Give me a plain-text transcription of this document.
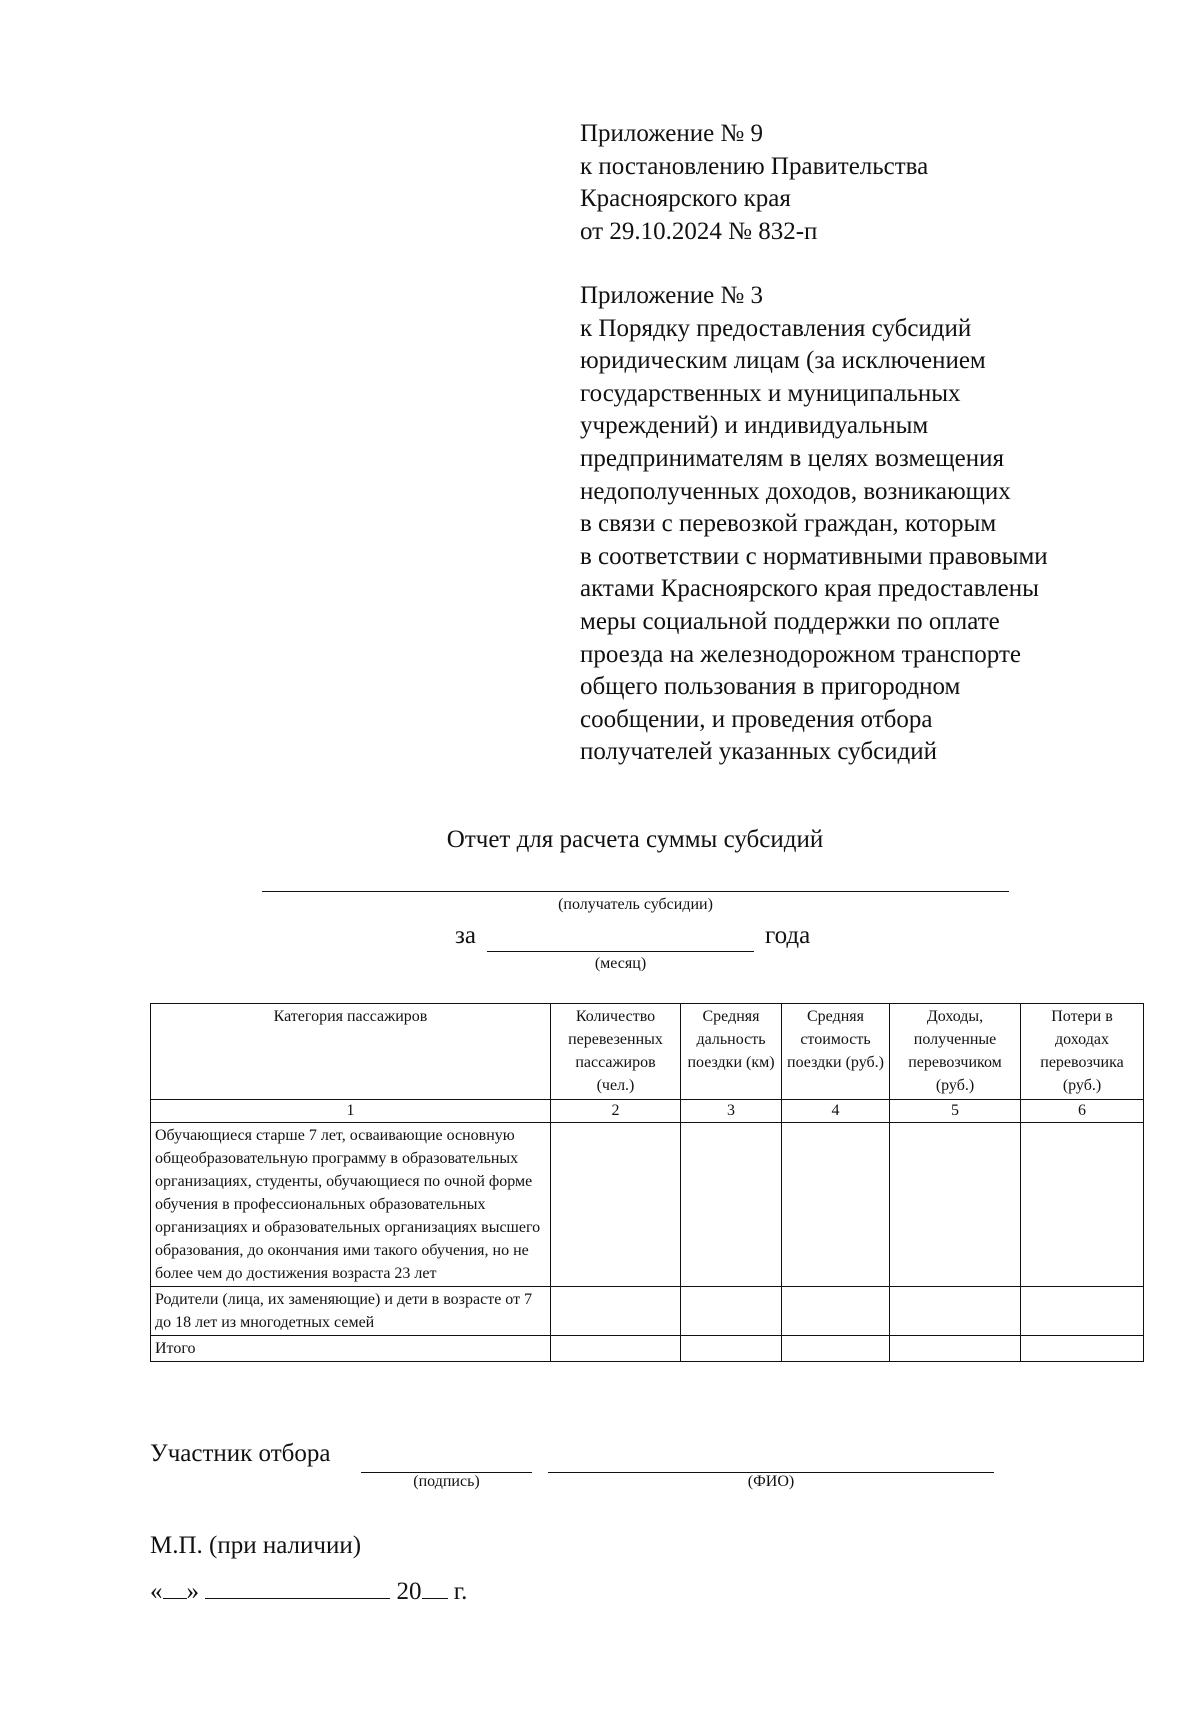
Приложение № 9
к постановлению Правительства
Красноярского края
от 29.10.2024 № 832-п
Приложение № 3
к Порядку предоставления субсидий
юридическим лицам (за исключением
государственных и муниципальных
учреждений) и индивидуальным
предпринимателям в целях возмещения
недополученных доходов, возникающих
в связи с перевозкой граждан, которым
в соответствии с нормативными правовыми
актами Красноярского края предоставлены
меры социальной поддержки по оплате
проезда на железнодорожном транспорте
общего пользования в пригородном
сообщении, и проведения отбора
получателей указанных субсидий
Отчет для расчета суммы субсидий
(получатель субсидии)
за	года
(месяц)
Категория пассажиров	Количество перевезенных пассажиров (чел.)	Средняя дальность поездки (км)	Средняя стоимость поездки (руб.)	Доходы, полученные перевозчиком (руб.)	Потери в доходах перевозчика (руб.)
1	2	3	4	5	6
Обучающиеся старше 7 лет, осваивающие основную общеобразовательную программу в образовательных организациях, студенты, обучающиеся по очной форме обучения в профессиональных образовательных организациях и образовательных организациях высшего образования, до окончания ими такого обучения, но не более чем до достижения возраста 23 лет					
Родители (лица, их заменяющие) и дети в возрасте от 7 до 18 лет из многодетных семей					
Итого					
Участник отбора
(подпись)	(ФИО)
М.П. (при наличии)
« »	20 г.
